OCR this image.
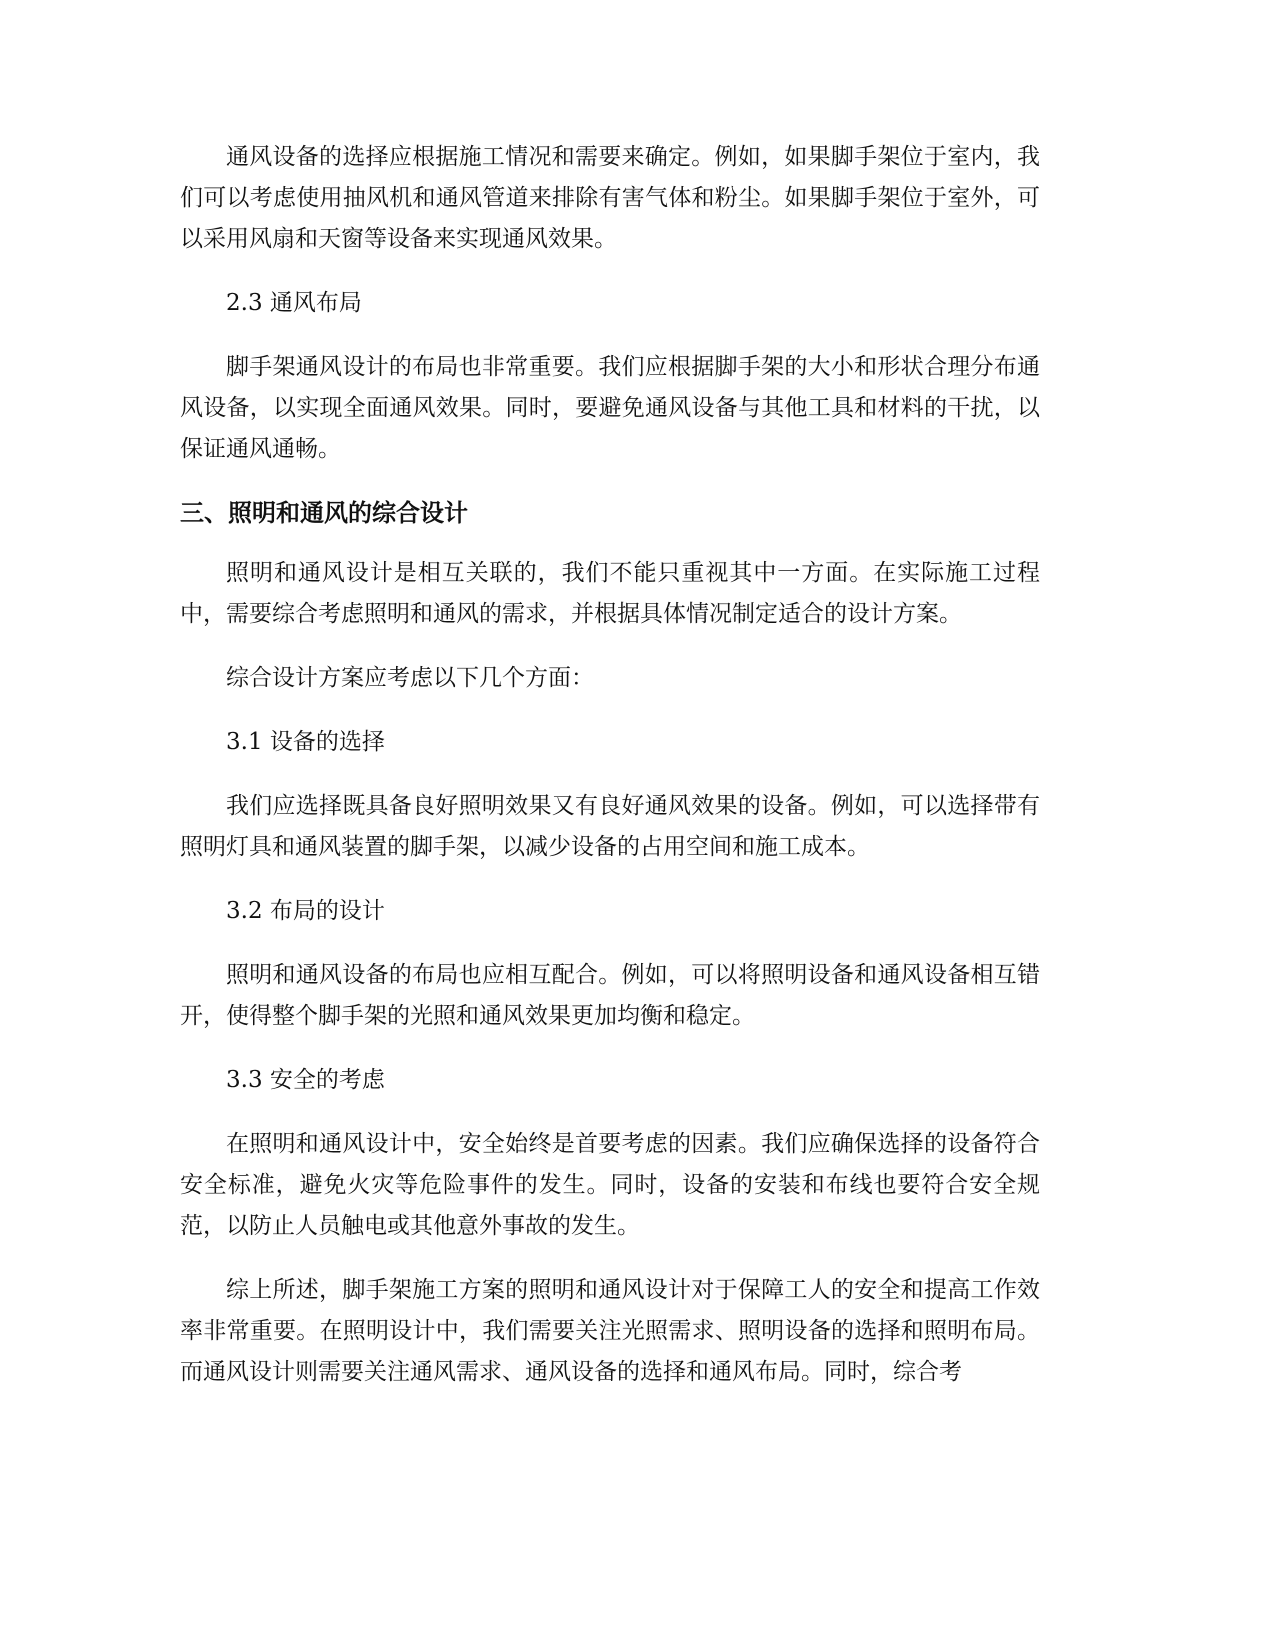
通风设备的选择应根据施工情况和需要来确定。例如，如果脚手架位于室内，我们可以考虑使用抽风机和通风管道来排除有害气体和粉尘。如果脚手架位于室外，可以采用风扇和天窗等设备来实现通风效果。

2.3 通风布局

脚手架通风设计的布局也非常重要。我们应根据脚手架的大小和形状合理分布通风设备，以实现全面通风效果。同时，要避免通风设备与其他工具和材料的干扰，以保证通风通畅。

三、照明和通风的综合设计

照明和通风设计是相互关联的，我们不能只重视其中一方面。在实际施工过程中，需要综合考虑照明和通风的需求，并根据具体情况制定适合的设计方案。

综合设计方案应考虑以下几个方面：

3.1 设备的选择

我们应选择既具备良好照明效果又有良好通风效果的设备。例如，可以选择带有照明灯具和通风装置的脚手架，以减少设备的占用空间和施工成本。

3.2 布局的设计

照明和通风设备的布局也应相互配合。例如，可以将照明设备和通风设备相互错开，使得整个脚手架的光照和通风效果更加均衡和稳定。

3.3 安全的考虑

在照明和通风设计中，安全始终是首要考虑的因素。我们应确保选择的设备符合安全标准，避免火灾等危险事件的发生。同时，设备的安装和布线也要符合安全规范，以防止人员触电或其他意外事故的发生。

综上所述，脚手架施工方案的照明和通风设计对于保障工人的安全和提高工作效率非常重要。在照明设计中，我们需要关注光照需求、照明设备的选择和照明布局。而通风设计则需要关注通风需求、通风设备的选择和通风布局。同时，综合考
